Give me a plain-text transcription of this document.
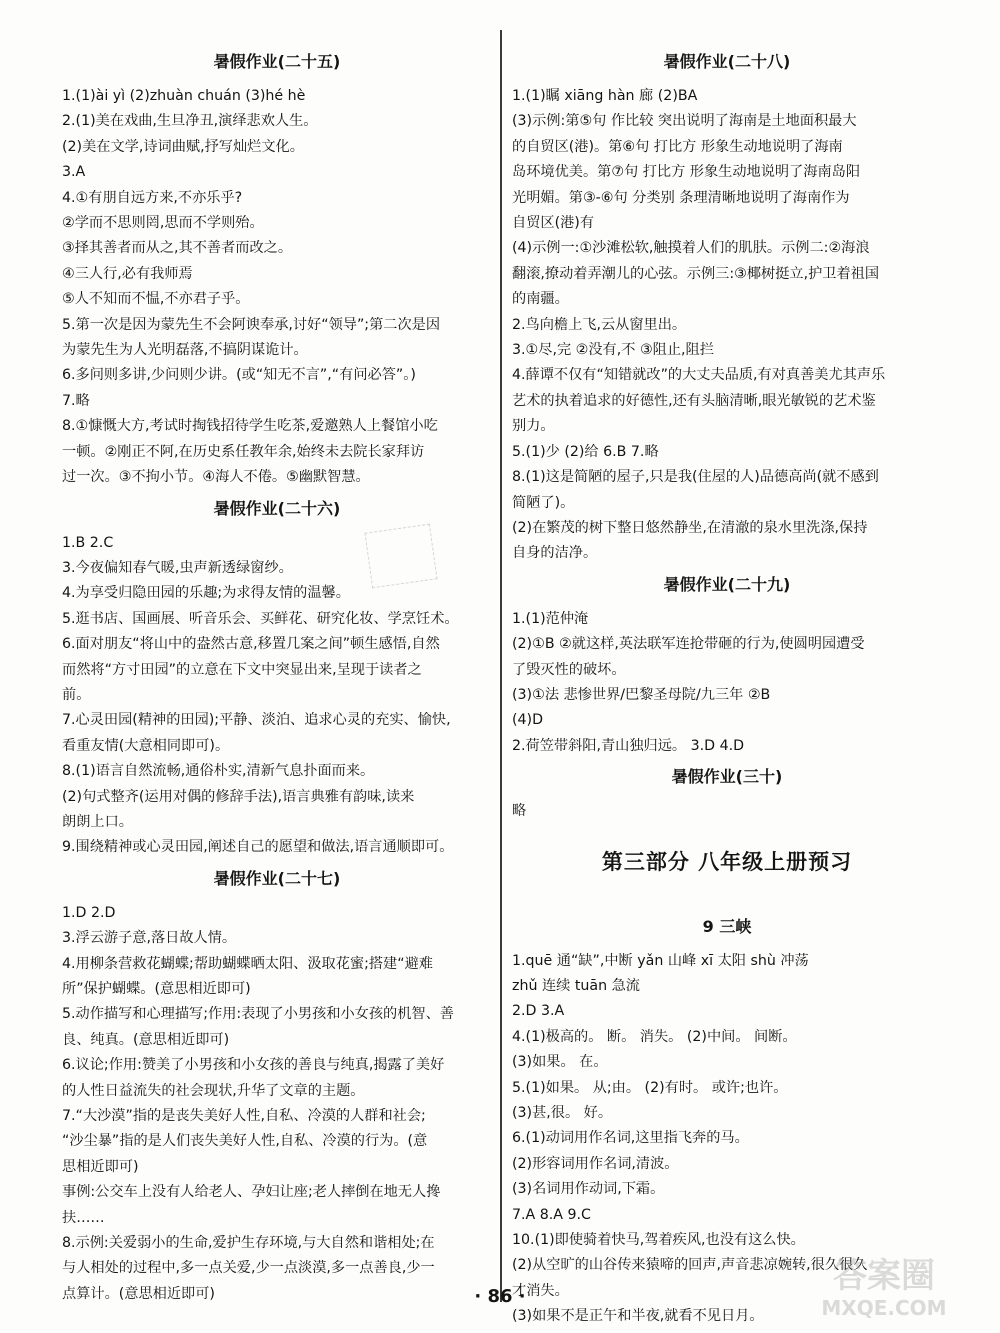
暑假作业(二十五)
1.(1)ài yì (2)zhuàn chuán (3)hé hè
2.(1)美在戏曲,生旦净丑,演绎悲欢人生。
(2)美在文学,诗词曲赋,抒写灿烂文化。
3.A
4.①有朋自远方来,不亦乐乎?
②学而不思则罔,思而不学则殆。
③择其善者而从之,其不善者而改之。
④三人行,必有我师焉
⑤人不知而不愠,不亦君子乎。
5.第一次是因为蒙先生不会阿谀奉承,讨好“领导”;第二次是因
为蒙先生为人光明磊落,不搞阴谋诡计。
6.多问则多讲,少问则少讲。(或“知无不言”,“有问必答”。)
7.略
8.①慷慨大方,考试时掏钱招待学生吃茶,爱邀熟人上餐馆小吃
一顿。②刚正不阿,在历史系任教年余,始终未去院长家拜访
过一次。③不拘小节。④海人不倦。⑤幽默智慧。
暑假作业(二十六)
1.B 2.C
3.今夜偏知春气暖,虫声新透绿窗纱。
4.为享受归隐田园的乐趣;为求得友情的温馨。
5.逛书店、国画展、听音乐会、买鲜花、研究化妆、学烹饪术。
6.面对朋友“将山中的盎然古意,移置几案之间”顿生感悟,自然
而然将“方寸田园”的立意在下文中突显出来,呈现于读者之
前。
7.心灵田园(精神的田园);平静、淡泊、追求心灵的充实、愉快,
看重友情(大意相同即可)。
8.(1)语言自然流畅,通俗朴实,清新气息扑面而来。
(2)句式整齐(运用对偶的修辞手法),语言典雅有韵味,读来
朗朗上口。
9.围绕精神或心灵田园,阐述自己的愿望和做法,语言通顺即可。
暑假作业(二十七)
1.D 2.D
3.浮云游子意,落日故人情。
4.用柳条营救花蝴蝶;帮助蝴蝶晒太阳、汲取花蜜;搭建“避难
所”保护蝴蝶。(意思相近即可)
5.动作描写和心理描写;作用:表现了小男孩和小女孩的机智、善
良、纯真。(意思相近即可)
6.议论;作用:赞美了小男孩和小女孩的善良与纯真,揭露了美好
的人性日益流失的社会现状,升华了文章的主题。
7.“大沙漠”指的是丧失美好人性,自私、冷漠的人群和社会;
“沙尘暴”指的是人们丧失美好人性,自私、冷漠的行为。(意
思相近即可)
事例:公交车上没有人给老人、孕妇让座;老人摔倒在地无人搀
扶……
8.示例:关爱弱小的生命,爱护生存环境,与大自然和谐相处;在
与人相处的过程中,多一点关爱,少一点淡漠,多一点善良,少一
点算计。(意思相近即可)
暑假作业(二十八)
1.(1)瞩 xiāng hàn 廊 (2)BA
(3)示例:第⑤句 作比较 突出说明了海南是土地面积最大
的自贸区(港)。第⑥句 打比方 形象生动地说明了海南
岛环境优美。第⑦句 打比方 形象生动地说明了海南岛阳
光明媚。第③-⑥句 分类别 条理清晰地说明了海南作为
自贸区(港)有
(4)示例一:①沙滩松软,触摸着人们的肌肤。示例二:②海浪
翻滚,撩动着弄潮儿的心弦。示例三:③椰树挺立,护卫着祖国
的南疆。
2.鸟向檐上飞,云从窗里出。
3.①尽,完 ②没有,不 ③阻止,阻拦
4.薛谭不仅有“知错就改”的大丈夫品质,有对真善美尤其声乐
艺术的执着追求的好德性,还有头脑清晰,眼光敏锐的艺术鉴
别力。
5.(1)少 (2)给 6.B 7.略
8.(1)这是简陋的屋子,只是我(住屋的人)品德高尚(就不感到
简陋了)。
(2)在繁茂的树下整日悠然静坐,在清澈的泉水里洗涤,保持
自身的洁净。
暑假作业(二十九)
1.(1)范仲淹
(2)①B ②就这样,英法联军连抢带砸的行为,使圆明园遭受
了毁灭性的破坏。
(3)①法 悲惨世界/巴黎圣母院/九三年 ②B
(4)D
2.荷笠带斜阳,青山独归远。 3.D 4.D
暑假作业(三十)
略
第三部分 八年级上册预习
9 三峡
1.quē 通“缺”,中断 yǎn 山峰 xī 太阳 shù 冲荡
zhǔ 连续 tuān 急流
2.D 3.A
4.(1)极高的。 断。 消失。 (2)中间。 间断。
(3)如果。 在。
5.(1)如果。 从;由。 (2)有时。 或许;也许。
(3)甚,很。 好。
6.(1)动词用作名词,这里指飞奔的马。
(2)形容词用作名词,清波。
(3)名词用作动词,下霜。
7.A 8.A 9.C
10.(1)即使骑着快马,驾着疾风,也没有这么快。
(2)从空旷的山谷传来猿啼的回声,声音悲凉婉转,很久很久
才消失。
(3)如果不是正午和半夜,就看不见日月。
· 86 ·
答案圈
MXQE.COM
